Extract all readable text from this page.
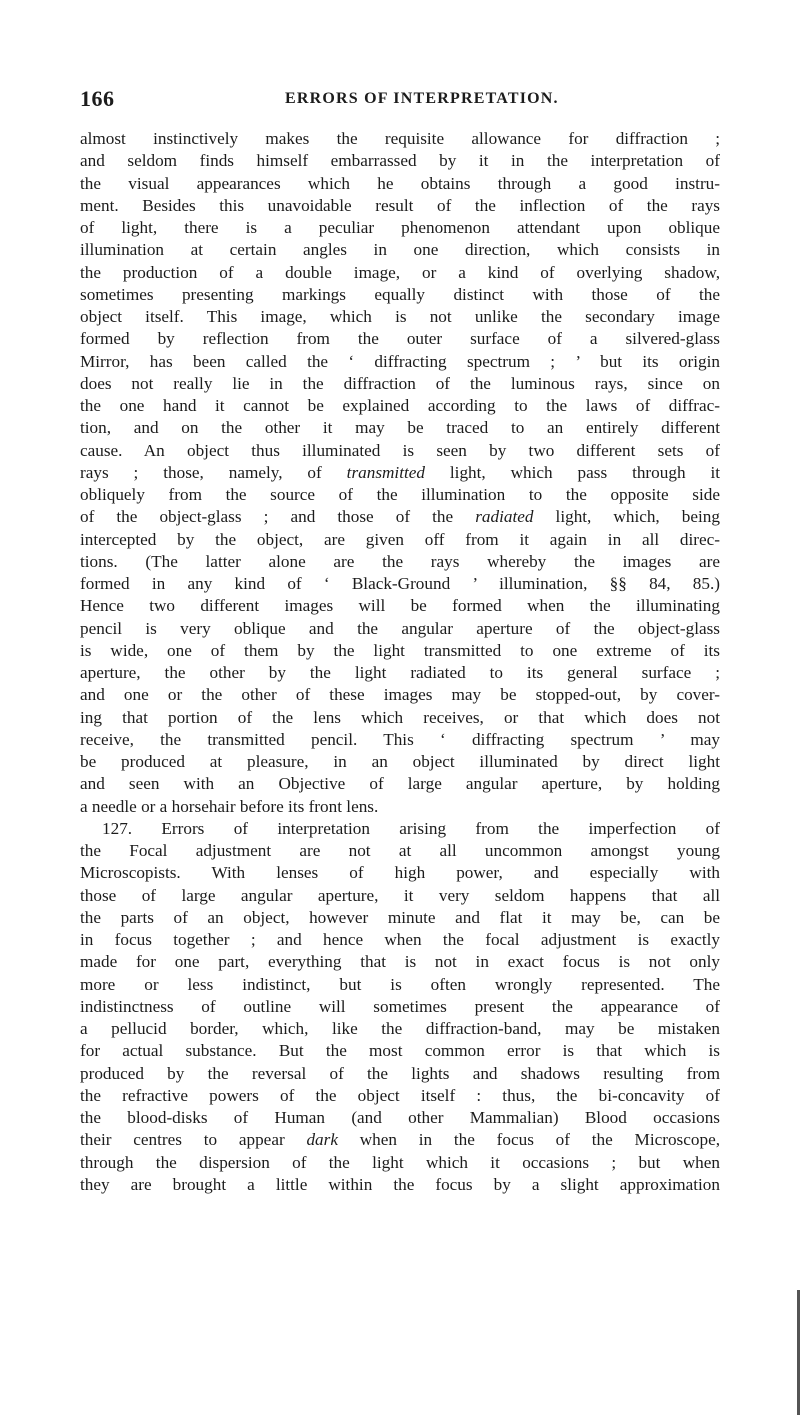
166	ERRORS OF INTERPRETATION.
almost instinctively makes the requisite allowance for diffraction ;
and seldom finds himself embarrassed by it in the interpretation of
the visual appearances which he obtains through a good instru-
ment. Besides this unavoidable result of the inflection of the rays
of light, there is a peculiar phenomenon attendant upon oblique
illumination at certain angles in one direction, which consists in
the production of a double image, or a kind of overlying shadow,
sometimes presenting markings equally distinct with those of the
object itself. This image, which is not unlike the secondary image
formed by reflection from the outer surface of a silvered-glass
Mirror, has been called the ‘ diffracting spectrum ; ’ but its origin
does not really lie in the diffraction of the luminous rays, since on
the one hand it cannot be explained according to the laws of diffrac-
tion, and on the other it may be traced to an entirely different
cause. An object thus illuminated is seen by two different sets of
rays ; those, namely, of transmitted light, which pass through it
obliquely from the source of the illumination to the opposite side
of the object-glass ; and those of the radiated light, which, being
intercepted by the object, are given off from it again in all direc-
tions. (The latter alone are the rays whereby the images are
formed in any kind of ‘ Black-Ground ’ illumination, §§ 84, 85.)
Hence two different images will be formed when the illuminating
pencil is very oblique and the angular aperture of the object-glass
is wide, one of them by the light transmitted to one extreme of its
aperture, the other by the light radiated to its general surface ;
and one or the other of these images may be stopped-out, by cover-
ing that portion of the lens which receives, or that which does not
receive, the transmitted pencil. This ‘ diffracting spectrum ’ may
be produced at pleasure, in an object illuminated by direct light
and seen with an Objective of large angular aperture, by holding
a needle or a horsehair before its front lens.
127. Errors of interpretation arising from the imperfection of
the Focal adjustment are not at all uncommon amongst young
Microscopists. With lenses of high power, and especially with
those of large angular aperture, it very seldom happens that all
the parts of an object, however minute and flat it may be, can be
in focus together ; and hence when the focal adjustment is exactly
made for one part, everything that is not in exact focus is not only
more or less indistinct, but is often wrongly represented. The
indistinctness of outline will sometimes present the appearance of
a pellucid border, which, like the diffraction-band, may be mistaken
for actual substance. But the most common error is that which is
produced by the reversal of the lights and shadows resulting from
the refractive powers of the object itself : thus, the bi-concavity of
the blood-disks of Human (and other Mammalian) Blood occasions
their centres to appear dark when in the focus of the Microscope,
through the dispersion of the light which it occasions ; but when
they are brought a little within the focus by a slight approximation
